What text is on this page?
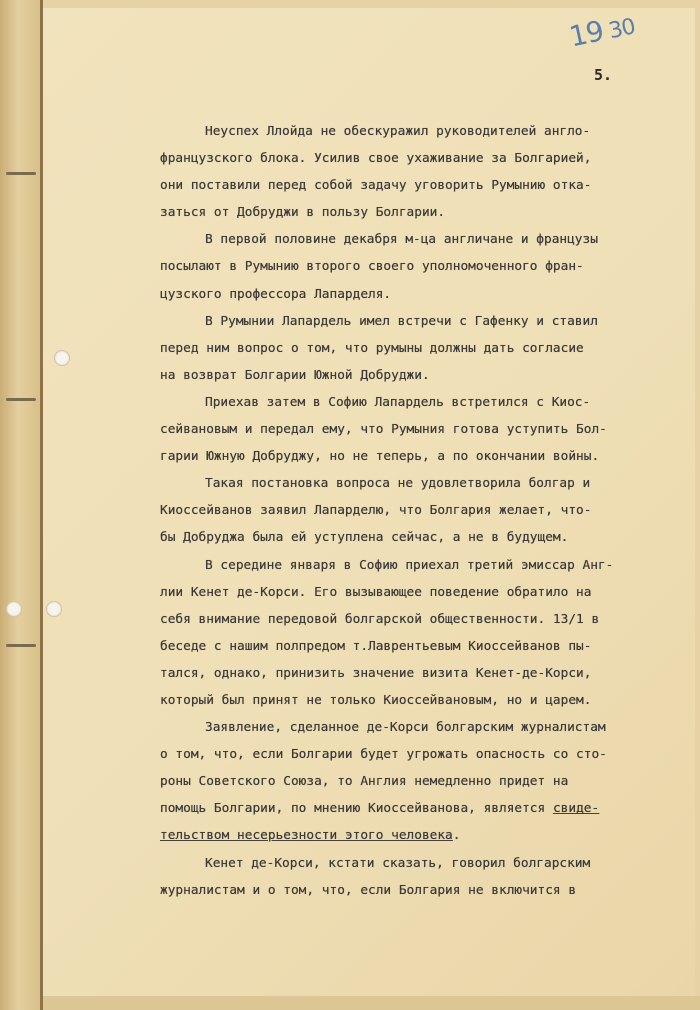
1930
5.
Неуспех Ллойда не обескуражил руководителей англо-
французского блока. Усилив свое ухаживание за Болгарией,
они поставили перед собой задачу уговорить Румынию отка-
заться от Добруджи в пользу Болгарии.
В первой половине декабря м-ца англичане и французы
посылают в Румынию второго своего уполномоченного фран-
цузского профессора Лапарделя.
В Румынии Лапардель имел встречи с Гафенку и ставил
перед ним вопрос о том, что румыны должны дать согласие
на возврат Болгарии Южной Добруджи.
Приехав затем в Софию Лапардель встретился с Киос-
сейвановым и передал ему, что Румыния готова уступить Бол-
гарии Южную Добруджу, но не теперь, а по окончании войны.
Такая постановка вопроса не удовлетворила болгар и
Киоссейванов заявил Лапарделю, что Болгария желает, что-
бы Добруджа была ей уступлена сейчас, а не в будущем.
В середине января в Софию приехал третий эмиссар Анг-
лии Кенет де-Корси. Его вызывающее поведение обратило на
себя внимание передовой болгарской общественности. 13/1 в
беседе с нашим полпредом т.Лаврентьевым Киоссейванов пы-
тался, однако, принизить значение визита Кенет-де-Корси,
который был принят не только Киоссейвановым, но и царем.
Заявление, сделанное де-Корси болгарским журналистам
о том, что, если Болгарии будет угрожать опасность со сто-
роны Советского Союза, то Англия немедленно придет на
помощь Болгарии, по мнению Киоссейванова, является свиде-
тельством несерьезности этого человека.
Кенет де-Корси, кстати сказать, говорил болгарским
журналистам и о том, что, если Болгария не включится в
